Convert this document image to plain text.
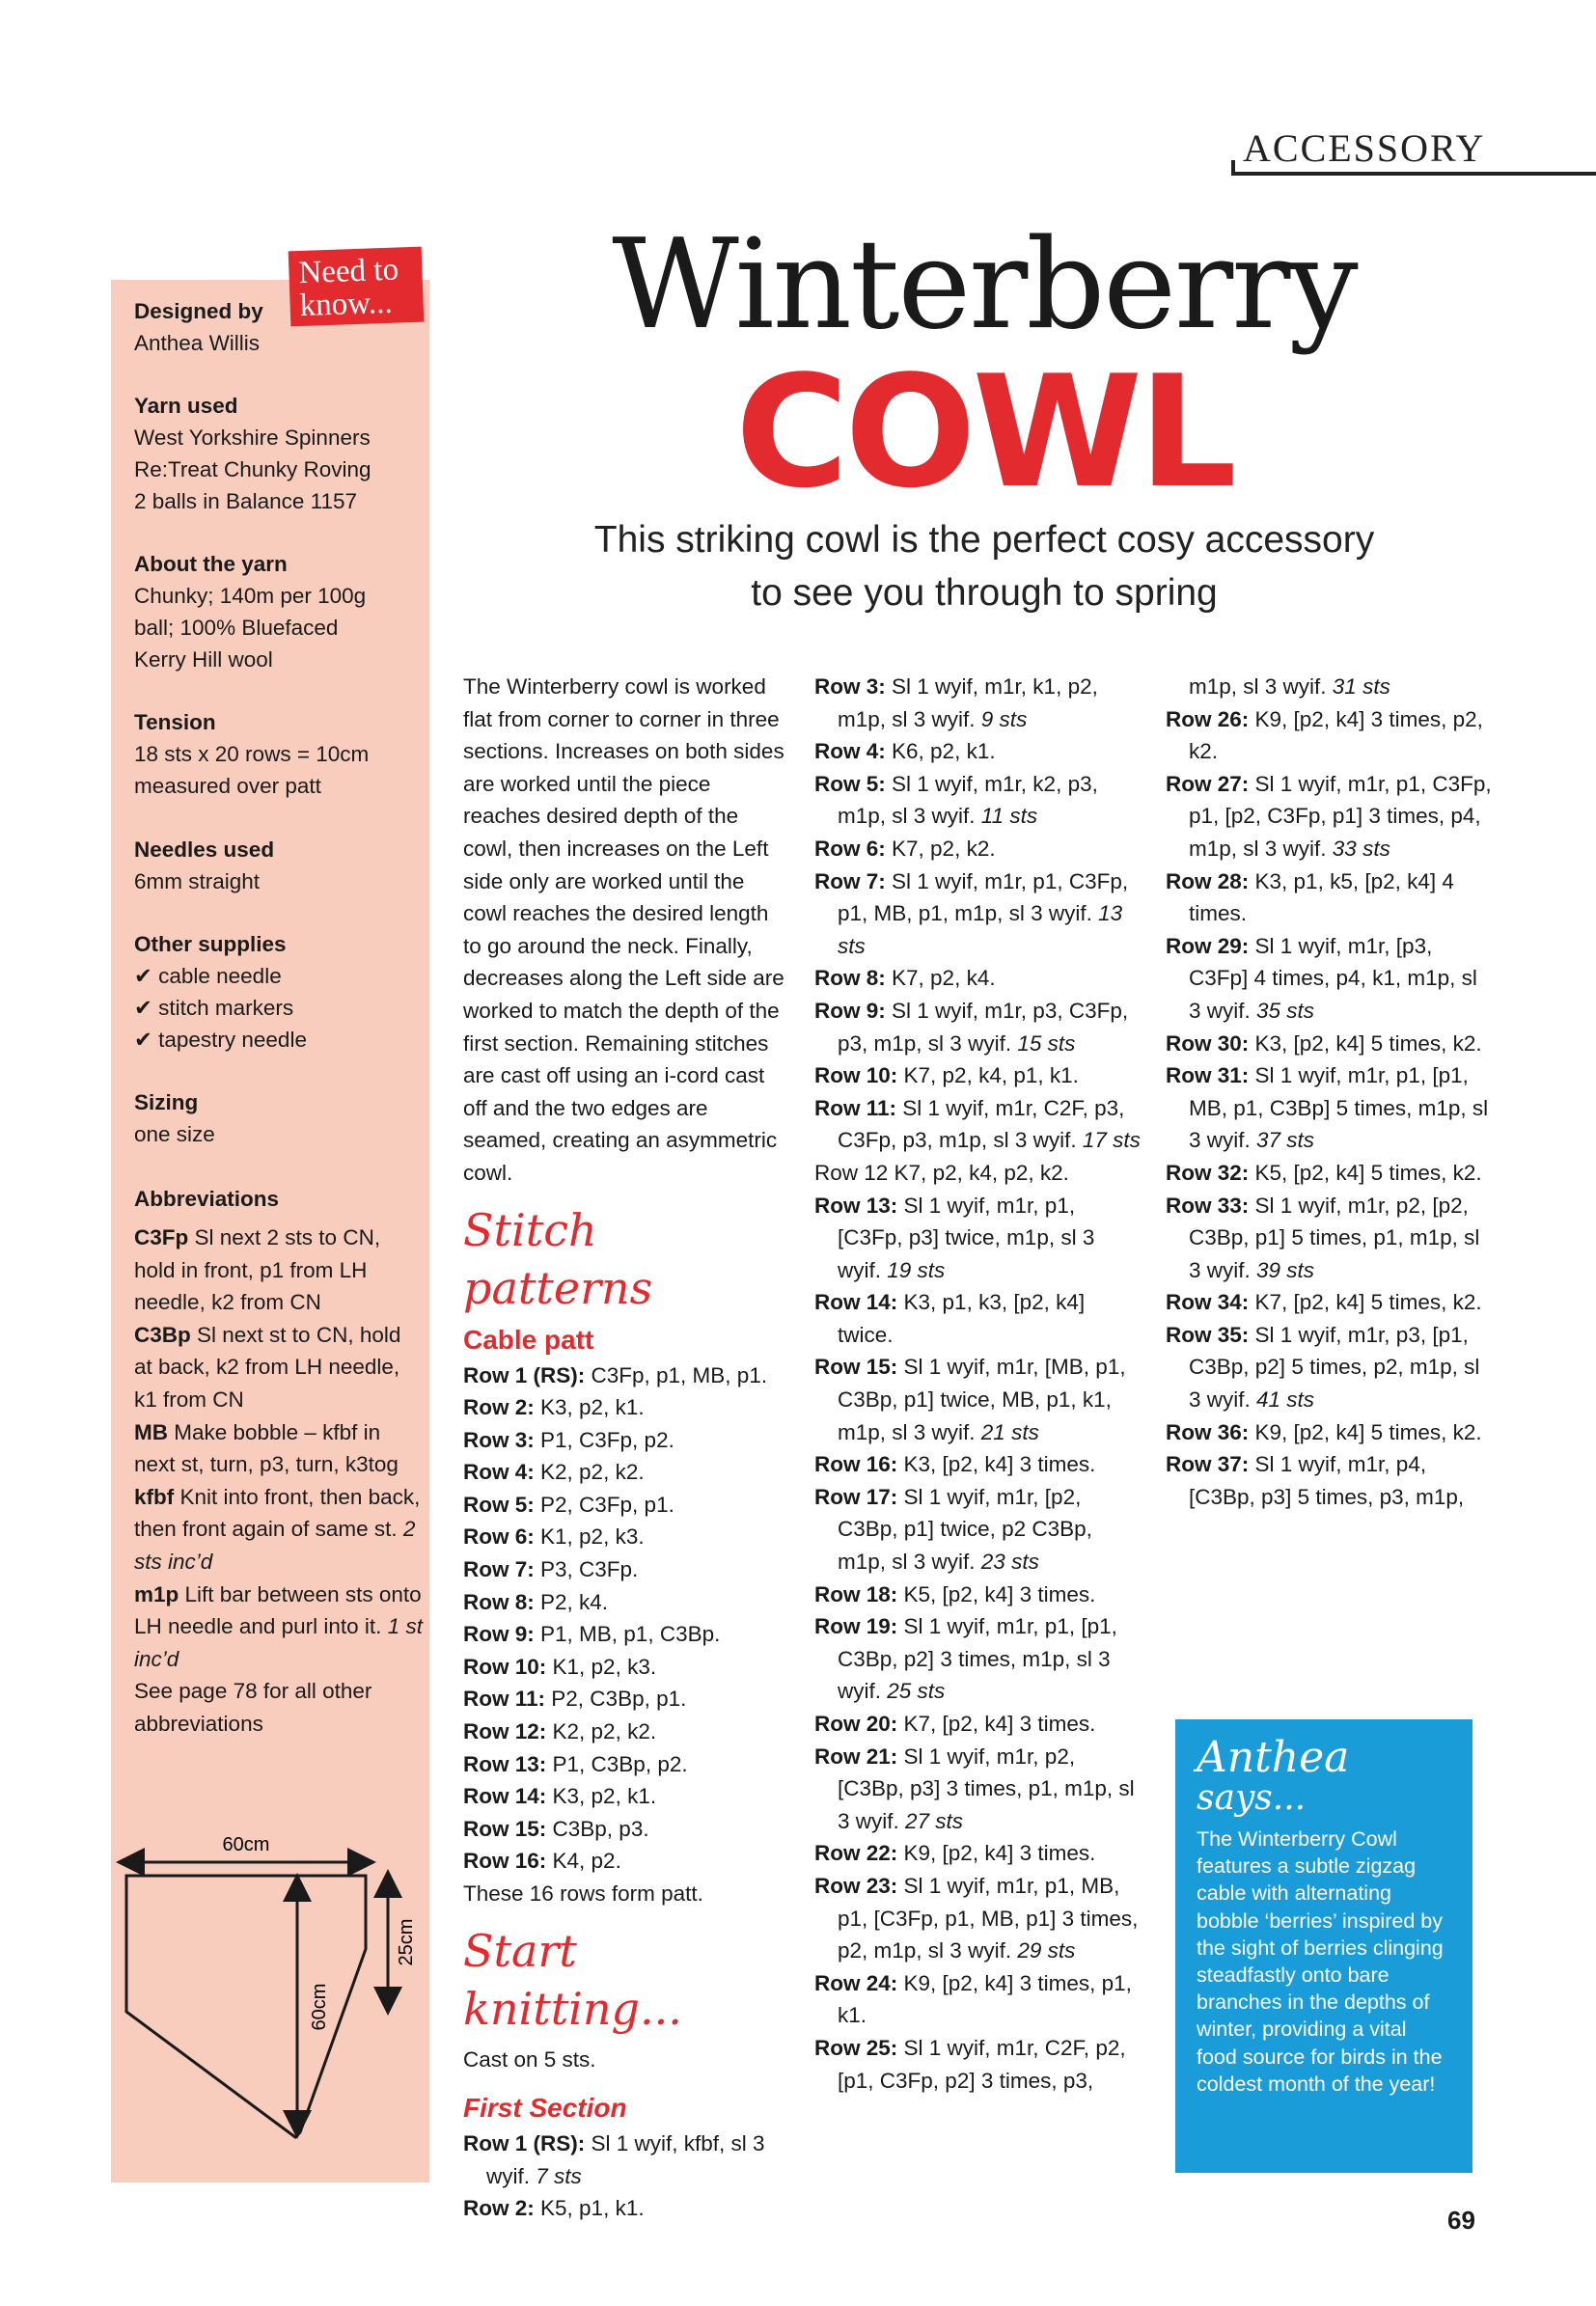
ACCESSORY
Winterberry
COWL
This striking cowl is the perfect cosy accessory
to see you through to spring
Need to
know...
Designed by
Anthea Willis
Yarn used
West Yorkshire Spinners
Re:Treat Chunky Roving
2 balls in Balance 1157
About the yarn
Chunky; 140m per 100g
ball; 100% Bluefaced
Kerry Hill wool
Tension
18 sts x 20 rows = 10cm
measured over patt
Needles used
6mm straight
Other supplies
✔ cable needle
✔ stitch markers
✔ tapestry needle
Sizing
one size
Abbreviations
C3Fp Sl next 2 sts to CN, hold in front, p1 from LH needle, k2 from CN
C3Bp Sl next st to CN, hold at back, k2 from LH needle, k1 from CN
MB Make bobble – kfbf in next st, turn, p3, turn, k3tog
kfbf Knit into front, then back, then front again of same st. 2 sts inc’d
m1p Lift bar between sts onto LH needle and purl into it. 1 st inc’d
See page 78 for all other abbreviations
60cm
60cm
25cm

The Winterberry cowl is worked flat from corner to corner in three sections. Increases on both sides are worked until the piece reaches desired depth of the cowl, then increases on the Left side only are worked until the cowl reaches the desired length to go around the neck. Finally, decreases along the Left side are worked to match the depth of the first section. Remaining stitches are cast off using an i-cord cast off and the two edges are seamed, creating an asymmetric cowl.

Stitch patterns
Cable patt

Row 1 (RS): C3Fp, p1, MB, p1.

Row 2: K3, p2, k1.

Row 3: P1, C3Fp, p2.

Row 4: K2, p2, k2.

Row 5: P2, C3Fp, p1.

Row 6: K1, p2, k3.

Row 7: P3, C3Fp.

Row 8: P2, k4.

Row 9: P1, MB, p1, C3Bp.

Row 10: K1, p2, k3.

Row 11: P2, C3Bp, p1.

Row 12: K2, p2, k2.

Row 13: P1, C3Bp, p2.

Row 14: K3, p2, k1.

Row 15: C3Bp, p3.

Row 16: K4, p2.

These 16 rows form patt.

Start knitting...

Cast on 5 sts.

First Section

Row 1 (RS): Sl 1 wyif, kfbf, sl 3 wyif. 7 sts

Row 2: K5, p1, k1.

Row 3: Sl 1 wyif, m1r, k1, p2, m1p, sl 3 wyif. 9 sts

Row 4: K6, p2, k1.

Row 5: Sl 1 wyif, m1r, k2, p3, m1p, sl 3 wyif. 11 sts

Row 6: K7, p2, k2.

Row 7: Sl 1 wyif, m1r, p1, C3Fp, p1, MB, p1, m1p, sl 3 wyif. 13 sts

Row 8: K7, p2, k4.

Row 9: Sl 1 wyif, m1r, p3, C3Fp, p3, m1p, sl 3 wyif. 15 sts

Row 10: K7, p2, k4, p1, k1.

Row 11: Sl 1 wyif, m1r, C2F, p3, C3Fp, p3, m1p, sl 3 wyif. 17 sts

Row 12 K7, p2, k4, p2, k2.

Row 13: Sl 1 wyif, m1r, p1, [C3Fp, p3] twice, m1p, sl 3 wyif. 19 sts

Row 14: K3, p1, k3, [p2, k4] twice.

Row 15: Sl 1 wyif, m1r, [MB, p1, C3Bp, p1] twice, MB, p1, k1, m1p, sl 3 wyif. 21 sts

Row 16: K3, [p2, k4] 3 times.

Row 17: Sl 1 wyif, m1r, [p2, C3Bp, p1] twice, p2 C3Bp, m1p, sl 3 wyif. 23 sts

Row 18: K5, [p2, k4] 3 times.

Row 19: Sl 1 wyif, m1r, p1, [p1, C3Bp, p2] 3 times, m1p, sl 3 wyif. 25 sts

Row 20: K7, [p2, k4] 3 times.

Row 21: Sl 1 wyif, m1r, p2, [C3Bp, p3] 3 times, p1, m1p, sl 3 wyif. 27 sts

Row 22: K9, [p2, k4] 3 times.

Row 23: Sl 1 wyif, m1r, p1, MB, p1, [C3Fp, p1, MB, p1] 3 times, p2, m1p, sl 3 wyif. 29 sts

Row 24: K9, [p2, k4] 3 times, p1, k1.

Row 25: Sl 1 wyif, m1r, C2F, p2, [p1, C3Fp, p2] 3 times, p3,

m1p, sl 3 wyif. 31 sts

Row 26: K9, [p2, k4] 3 times, p2, k2.

Row 27: Sl 1 wyif, m1r, p1, C3Fp, p1, [p2, C3Fp, p1] 3 times, p4, m1p, sl 3 wyif. 33 sts

Row 28: K3, p1, k5, [p2, k4] 4 times.

Row 29: Sl 1 wyif, m1r, [p3, C3Fp] 4 times, p4, k1, m1p, sl 3 wyif. 35 sts

Row 30: K3, [p2, k4] 5 times, k2.

Row 31: Sl 1 wyif, m1r, p1, [p1, MB, p1, C3Bp] 5 times, m1p, sl 3 wyif. 37 sts

Row 32: K5, [p2, k4] 5 times, k2.

Row 33: Sl 1 wyif, m1r, p2, [p2, C3Bp, p1] 5 times, p1, m1p, sl 3 wyif. 39 sts

Row 34: K7, [p2, k4] 5 times, k2.

Row 35: Sl 1 wyif, m1r, p3, [p1, C3Bp, p2] 5 times, p2, m1p, sl 3 wyif. 41 sts

Row 36: K9, [p2, k4] 5 times, k2.

Row 37: Sl 1 wyif, m1r, p4, [C3Bp, p3] 5 times, p3, m1p,

Anthea
says...
The Winterberry Cowl features a subtle zigzag cable with alternating bobble ‘berries’ inspired by the sight of berries clinging steadfastly onto bare branches in the depths of winter, providing a vital food source for birds in the coldest month of the year!
69
